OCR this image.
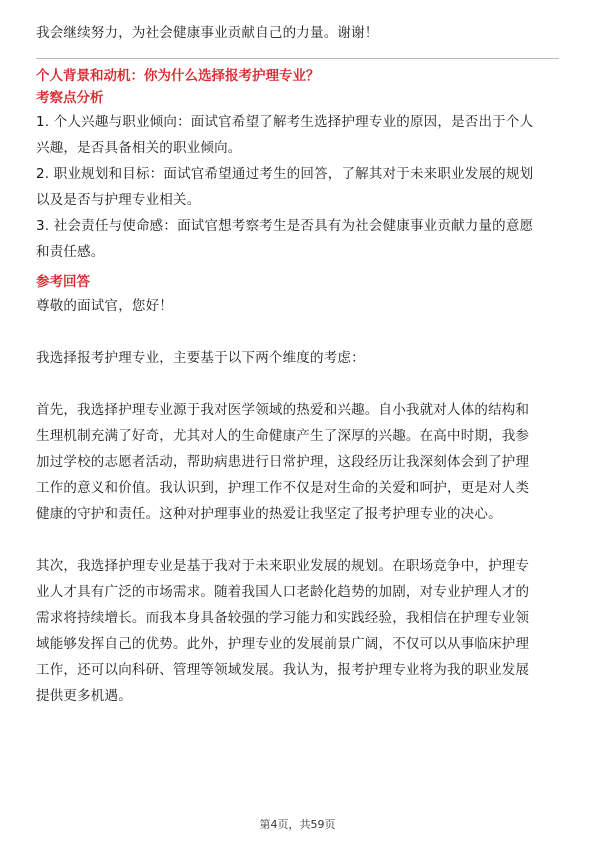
我会继续努力，为社会健康事业贡献自己的力量。谢谢！
个人背景和动机：你为什么选择报考护理专业？
考察点分析
1. 个人兴趣与职业倾向：面试官希望了解考生选择护理专业的原因，是否出于个人
兴趣，是否具备相关的职业倾向。
2. 职业规划和目标：面试官希望通过考生的回答，了解其对于未来职业发展的规划
以及是否与护理专业相关。
3. 社会责任与使命感：面试官想考察考生是否具有为社会健康事业贡献力量的意愿
和责任感。
参考回答
尊敬的面试官，您好！
我选择报考护理专业，主要基于以下两个维度的考虑：
首先，我选择护理专业源于我对医学领域的热爱和兴趣。自小我就对人体的结构和
生理机制充满了好奇，尤其对人的生命健康产生了深厚的兴趣。在高中时期，我参
加过学校的志愿者活动，帮助病患进行日常护理，这段经历让我深刻体会到了护理
工作的意义和价值。我认识到，护理工作不仅是对生命的关爱和呵护，更是对人类
健康的守护和责任。这种对护理事业的热爱让我坚定了报考护理专业的决心。
其次，我选择护理专业是基于我对于未来职业发展的规划。在职场竞争中，护理专
业人才具有广泛的市场需求。随着我国人口老龄化趋势的加剧，对专业护理人才的
需求将持续增长。而我本身具备较强的学习能力和实践经验，我相信在护理专业领
域能够发挥自己的优势。此外，护理专业的发展前景广阔，不仅可以从事临床护理
工作，还可以向科研、管理等领域发展。我认为，报考护理专业将为我的职业发展
提供更多机遇。
第4页，共59页
